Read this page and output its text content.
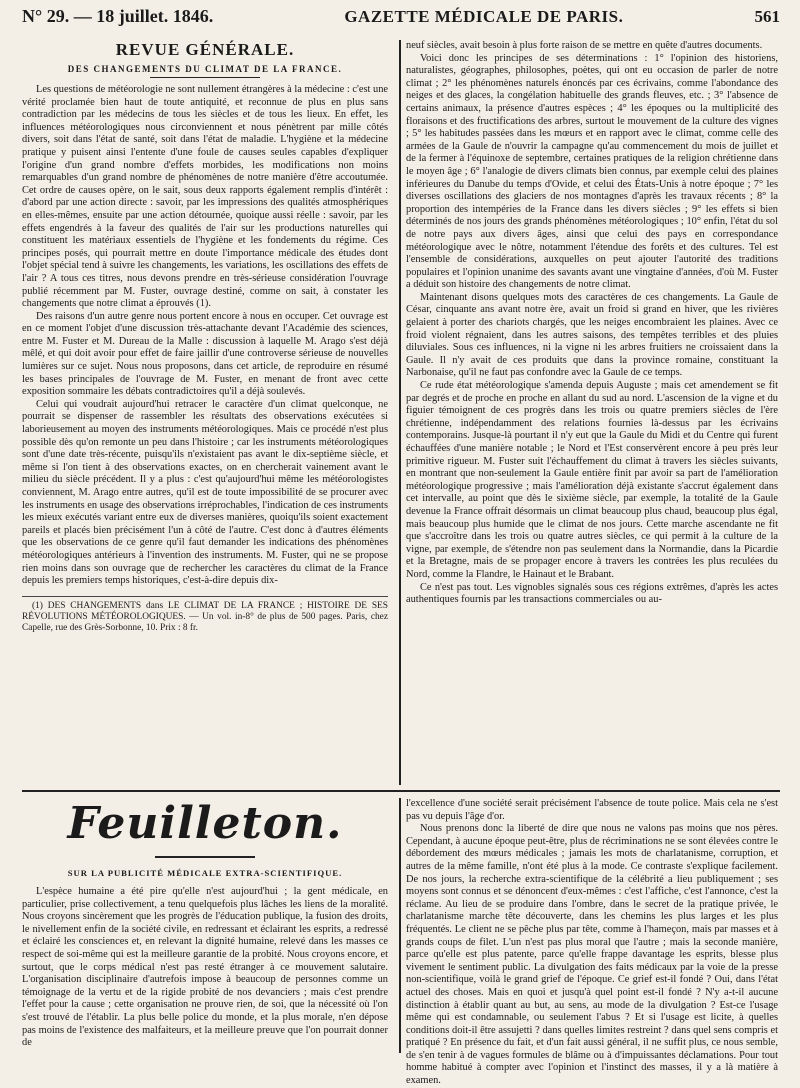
N° 29. — 18 juillet. 1846.	GAZETTE MÉDICALE DE PARIS.	561
REVUE GÉNÉRALE.
DES CHANGEMENTS DU CLIMAT DE LA FRANCE.

Les questions de météorologie ne sont nullement étrangères à la médecine : c'est une vérité proclamée bien haut de toute antiquité, et reconnue de plus en plus sans contradiction par les médecins de tous les siècles et de tous les lieux. En effet, les influences météorologiques nous circonviennent et nous pénètrent par mille côtés divers, soit dans l'état de santé, soit dans l'état de maladie. L'hygiène et la médecine pratique y puisent ainsi l'entente d'une foule de causes seules capables d'expliquer l'origine d'un grand nombre d'effets morbides, les modifications non moins remarquables d'un grand nombre de phénomènes de notre manière d'être accoutumée. Cet ordre de causes opère, on le sait, sous deux rapports également remplis d'intérêt : d'abord par une action directe : savoir, par les impressions des qualités atmosphériques en elles-mêmes, ensuite par une action détournée, quoique aussi réelle : savoir, par les effets engendrés à la faveur des qualités de l'air sur les productions naturelles qui constituent les matériaux essentiels de l'hygiène et les fondements du régime. Ces principes posés, qui pourrait mettre en doute l'importance médicale des études dont l'objet spécial tend à suivre les changements, les variations, les oscillations des effets de l'air ? A tous ces titres, nous devons prendre en très-sérieuse considération l'ouvrage publié récemment par M. Fuster, ouvrage destiné, comme on sait, à constater les changements que notre climat a éprouvés (1).

Des raisons d'un autre genre nous portent encore à nous en occuper. Cet ouvrage est en ce moment l'objet d'une discussion très-attachante devant l'Académie des sciences, entre M. Fuster et M. Dureau de la Malle : discussion à laquelle M. Arago s'est déjà mêlé, et qui doit avoir pour effet de faire jaillir d'une controverse sérieuse de nouvelles lumières sur ce sujet. Nous nous proposons, dans cet article, de reproduire en résumé les bases principales de l'ouvrage de M. Fuster, en menant de front avec cette exposition sommaire les débats contradictoires qu'il a déjà soulevés.

Celui qui voudrait aujourd'hui retracer le caractère d'un climat quelconque, ne pourrait se dispenser de rassembler les résultats des observations exécutées si laborieusement au moyen des instruments météorologiques. Mais ce procédé n'est plus possible dès qu'on remonte un peu dans l'histoire ; car les instruments météorologiques sont d'une date très-récente, puisqu'ils n'existaient pas avant le dix-septième siècle, et même si l'on tient à des observations exactes, on en chercherait vainement avant le milieu du siècle précédent. Il y a plus : c'est qu'aujourd'hui même les météorologistes conviennent, M. Arago entre autres, qu'il est de toute impossibilité de se procurer avec les instruments en usage des observations irréprochables, l'indication de ces instruments les mieux exécutés variant entre eux de diverses manières, quoiqu'ils soient exactement pareils et placés bien précisément l'un à côté de l'autre. C'est donc à d'autres éléments que les observations de ce genre qu'il faut demander les indications des phénomènes météorologiques antérieurs à l'invention des instruments. M. Fuster, qui ne se propose rien moins dans son ouvrage que de rechercher les caractères du climat de la France depuis les premiers temps historiques, c'est-à-dire depuis dix-

(1) DES CHANGEMENTS dans LE CLIMAT DE LA FRANCE ; HISTOIRE DE SES RÉVOLUTIONS MÉTÉOROLOGIQUES. — Un vol. in-8° de plus de 500 pages. Paris, chez Capelle, rue des Grès-Sorbonne, 10. Prix : 8 fr.

neuf siècles, avait besoin à plus forte raison de se mettre en quête d'autres documents.

Voici donc les principes de ses déterminations : 1° l'opinion des historiens, naturalistes, géographes, philosophes, poètes, qui ont eu occasion de parler de notre climat ; 2° les phénomènes naturels énoncés par ces écrivains, comme l'abondance des neiges et des glaces, la congélation habituelle des grands fleuves, etc. ; 3° l'absence de certains animaux, la présence d'autres espèces ; 4° les époques ou la multiplicité des floraisons et des fructifications des arbres, surtout le mouvement de la culture des vignes ; 5° les habitudes passées dans les mœurs et en rapport avec le climat, comme celle des armées de la Gaule de n'ouvrir la campagne qu'au commencement du mois de juillet et de la fermer à l'équinoxe de septembre, certaines pratiques de la religion chrétienne dans le moyen âge ; 6° l'analogie de divers climats bien connus, par exemple celui des plaines inférieures du Danube du temps d'Ovide, et celui des États-Unis à notre époque ; 7° les diverses oscillations des glaciers de nos montagnes d'après les travaux récents ; 8° la proportion des intempéries de la France dans les divers siècles ; 9° les effets si bien déterminés de nos jours des grands phénomènes météorologiques ; 10° enfin, l'état du sol de notre pays aux divers âges, ainsi que celui des pays en correspondance météorologique avec le nôtre, notamment l'étendue des forêts et des cultures. Tel est l'ensemble de considérations, auxquelles on peut ajouter l'autorité des traditions populaires et l'opinion unanime des savants avant une vingtaine d'années, d'où M. Fuster a déduit son histoire des changements de notre climat.

Maintenant disons quelques mots des caractères de ces changements. La Gaule de César, cinquante ans avant notre ère, avait un froid si grand en hiver, que les rivières gelaient à porter des chariots chargés, que les neiges encombraient les plaines. Avec ce froid violent régnaient, dans les autres saisons, des tempêtes terribles et des pluies diluviales. Sous ces influences, ni la vigne ni les arbres fruitiers ne croissaient dans la Gaule. Il n'y avait de ces produits que dans la province romaine, constituant la Narbonaise, qu'il ne faut pas confondre avec la Gaule de ce temps.

Ce rude état météorologique s'amenda depuis Auguste ; mais cet amendement se fit par degrés et de proche en proche en allant du sud au nord. L'ascension de la vigne et du figuier témoignent de ces progrès dans les trois ou quatre premiers siècles de l'ère chrétienne, indépendamment des relations fournies là-dessus par les écrivains contemporains. Jusque-là pourtant il n'y eut que la Gaule du Midi et du Centre qui furent échauffées d'une manière notable ; le Nord et l'Est conservèrent encore à peu près leur primitive rigueur. M. Fuster suit l'échauffement du climat à travers les siècles suivants, en montrant que non-seulement la Gaule entière finit par avoir sa part de l'amélioration météorologique progressive ; mais l'amélioration déjà existante s'accrut également dans cet intervalle, au point que dès le sixième siècle, par exemple, la totalité de la Gaule devenue la France offrait désormais un climat beaucoup plus chaud, beaucoup plus égal, mais beaucoup plus humide que le climat de nos jours. Cette marche ascendante ne fit que s'accroître dans les trois ou quatre autres siècles, ce qui permit à la culture de la vigne, par exemple, de s'étendre non pas seulement dans la Normandie, dans la Picardie et la Bretagne, mais de se propager encore à travers les contrées les plus reculées du Nord, comme la Flandre, le Hainaut et le Brabant.

Ce n'est pas tout. Les vignobles signalés sous ces régions extrêmes, d'après les actes authentiques fournis par les transactions commerciales ou au-

Feuilleton.
SUR LA PUBLICITÉ MÉDICALE EXTRA-SCIENTIFIQUE.

L'espèce humaine a été pire qu'elle n'est aujourd'hui ; la gent médicale, en particulier, prise collectivement, a tenu quelquefois plus lâches les liens de la moralité. Nous croyons sincèrement que les progrès de l'éducation publique, la fusion des droits, le nivellement enfin de la société civile, en redressant et éclairant les esprits, a redressé et éclairé les consciences et, en relevant la dignité humaine, relevé dans les masses ce respect de soi-même qui est la meilleure garantie de la probité. Nous croyons encore, et surtout, que le corps médical n'est pas resté étranger à ce mouvement salutaire. L'organisation disciplinaire d'autrefois impose à beaucoup de personnes comme un témoignage de la vertu et de la rigide probité de nos devanciers ; mais c'est prendre l'effet pour la cause ; cette organisation ne prouve rien, de soi, que la nécessité où l'on s'est trouvé de l'établir. La plus belle police du monde, et la plus morale, n'en dépose pas moins de l'existence des malfaiteurs, et la meilleure preuve que l'on pourrait donner de

l'excellence d'une société serait précisément l'absence de toute police. Mais cela ne s'est pas vu depuis l'âge d'or.

Nous prenons donc la liberté de dire que nous ne valons pas moins que nos pères. Cependant, à aucune époque peut-être, plus de récriminations ne se sont élevées contre le débordement des mœurs médicales ; jamais les mots de charlatanisme, corruption, et autres de la même famille, n'ont été plus à la mode. Ce contraste s'explique facilement. De nos jours, la recherche extra-scientifique de la célébrité a lieu publiquement ; ses moyens sont connus et se dénoncent d'eux-mêmes : c'est l'affiche, c'est l'annonce, c'est la réclame. Au lieu de se produire dans l'ombre, dans le secret de la pratique privée, le charlatanisme marche tête découverte, dans les chemins les plus larges et les plus fréquentés. Le client ne se pêche plus par tête, comme à l'hameçon, mais par masses et à grands coups de filet. L'un n'est pas plus moral que l'autre ; mais la seconde manière, parce qu'elle est plus patente, parce qu'elle frappe davantage les esprits, blesse plus vivement le sentiment public. La divulgation des faits médicaux par la voie de la presse non-scientifique, voilà le grand grief de l'époque. Ce grief est-il fondé ? Oui, dans l'état actuel des choses. Mais en quoi et jusqu'à quel point est-il fondé ? N'y a-t-il aucune distinction à établir quant au but, au sens, au mode de la divulgation ? Est-ce l'usage même qui est condamnable, ou seulement l'abus ? Et si l'usage est licite, à quelles conditions doit-il être assujetti ? dans quelles limites restreint ? dans quel sens compris et pratiqué ? En présence du fait, et d'un fait aussi général, il ne suffit plus, ce nous semble, de s'en tenir à de vagues formules de blâme ou à d'impuissantes déclamations. Pour tout homme habitué à compter avec l'opinion et l'instinct des masses, il y a là matière à examen.
